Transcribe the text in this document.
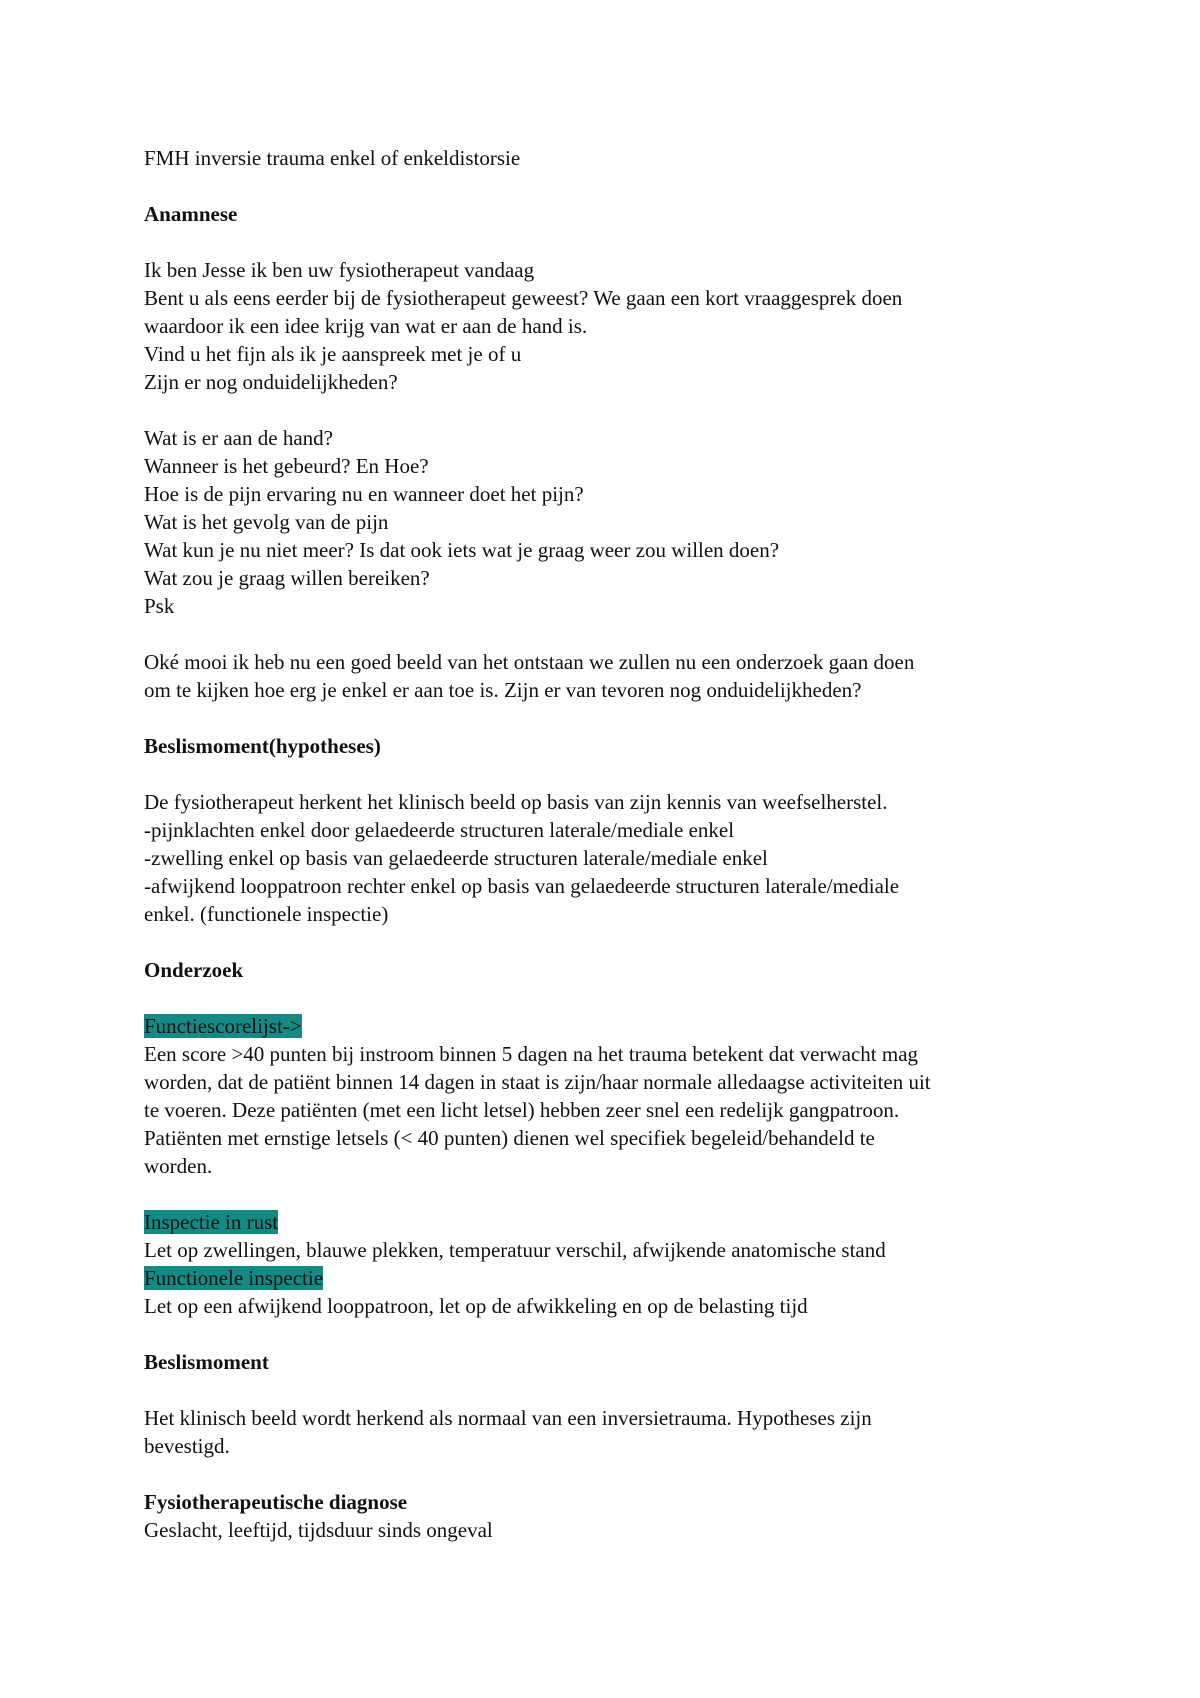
FMH inversie trauma enkel of enkeldistorsie
Anamnese
Ik ben Jesse ik ben uw fysiotherapeut vandaag
Bent u als eens eerder bij de fysiotherapeut geweest? We gaan een kort vraaggesprek doen
waardoor ik een idee krijg van wat er aan de hand is.
Vind u het fijn als ik je aanspreek met je of u
Zijn er nog onduidelijkheden?
Wat is er aan de hand?
Wanneer is het gebeurd? En Hoe?
Hoe is de pijn ervaring nu en wanneer doet het pijn?
Wat is het gevolg van de pijn
Wat kun je nu niet meer? Is dat ook iets wat je graag weer zou willen doen?
Wat zou je graag willen bereiken?
Psk
Oké mooi ik heb nu een goed beeld van het ontstaan we zullen nu een onderzoek gaan doen
om te kijken hoe erg je enkel er aan toe is. Zijn er van tevoren nog onduidelijkheden?
Beslismoment(hypotheses)
De fysiotherapeut herkent het klinisch beeld op basis van zijn kennis van weefselherstel.
-pijnklachten enkel door gelaedeerde structuren laterale/mediale enkel
-zwelling enkel op basis van gelaedeerde structuren laterale/mediale enkel
-afwijkend looppatroon rechter enkel op basis van gelaedeerde structuren laterale/mediale
enkel. (functionele inspectie)
Onderzoek
Functiescorelijst->
Een score >40 punten bij instroom binnen 5 dagen na het trauma betekent dat verwacht mag
worden, dat de patiënt binnen 14 dagen in staat is zijn/haar normale alledaagse activiteiten uit
te voeren. Deze patiënten (met een licht letsel) hebben zeer snel een redelijk gangpatroon.
Patiënten met ernstige letsels (< 40 punten) dienen wel specifiek begeleid/behandeld te
worden.
Inspectie in rust
Let op zwellingen, blauwe plekken, temperatuur verschil, afwijkende anatomische stand
Functionele inspectie
Let op een afwijkend looppatroon, let op de afwikkeling en op de belasting tijd
Beslismoment
Het klinisch beeld wordt herkend als normaal van een inversietrauma. Hypotheses zijn
bevestigd.
Fysiotherapeutische diagnose
Geslacht, leeftijd, tijdsduur sinds ongeval
